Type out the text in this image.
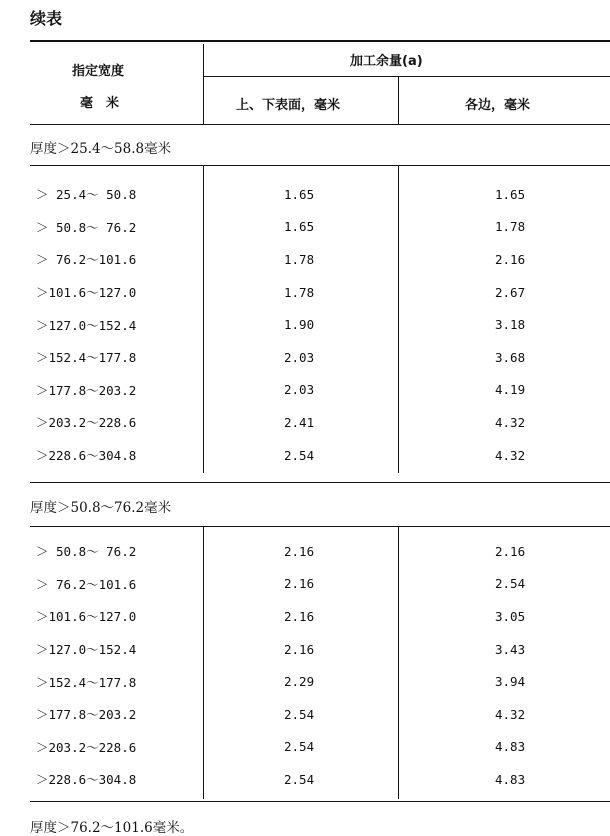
续表
指定宽度
毫　米
加工余量(a)
上、下表面，毫米	各边，毫米
厚度＞25.4～58.8毫米
＞ 25.4～ 50.8	1.65	1.65
＞ 50.8～ 76.2	1.65	1.78
＞ 76.2～101.6	1.78	2.16
＞101.6～127.0	1.78	2.67
＞127.0～152.4	1.90	3.18
＞152.4～177.8	2.03	3.68
＞177.8～203.2	2.03	4.19
＞203.2～228.6	2.41	4.32
＞228.6～304.8	2.54	4.32
厚度＞50.8～76.2毫米
＞ 50.8～ 76.2	2.16	2.16
＞ 76.2～101.6	2.16	2.54
＞101.6～127.0	2.16	3.05
＞127.0～152.4	2.16	3.43
＞152.4～177.8	2.29	3.94
＞177.8～203.2	2.54	4.32
＞203.2～228.6	2.54	4.83
＞228.6～304.8	2.54	4.83
厚度＞76.2～101.6毫米。
